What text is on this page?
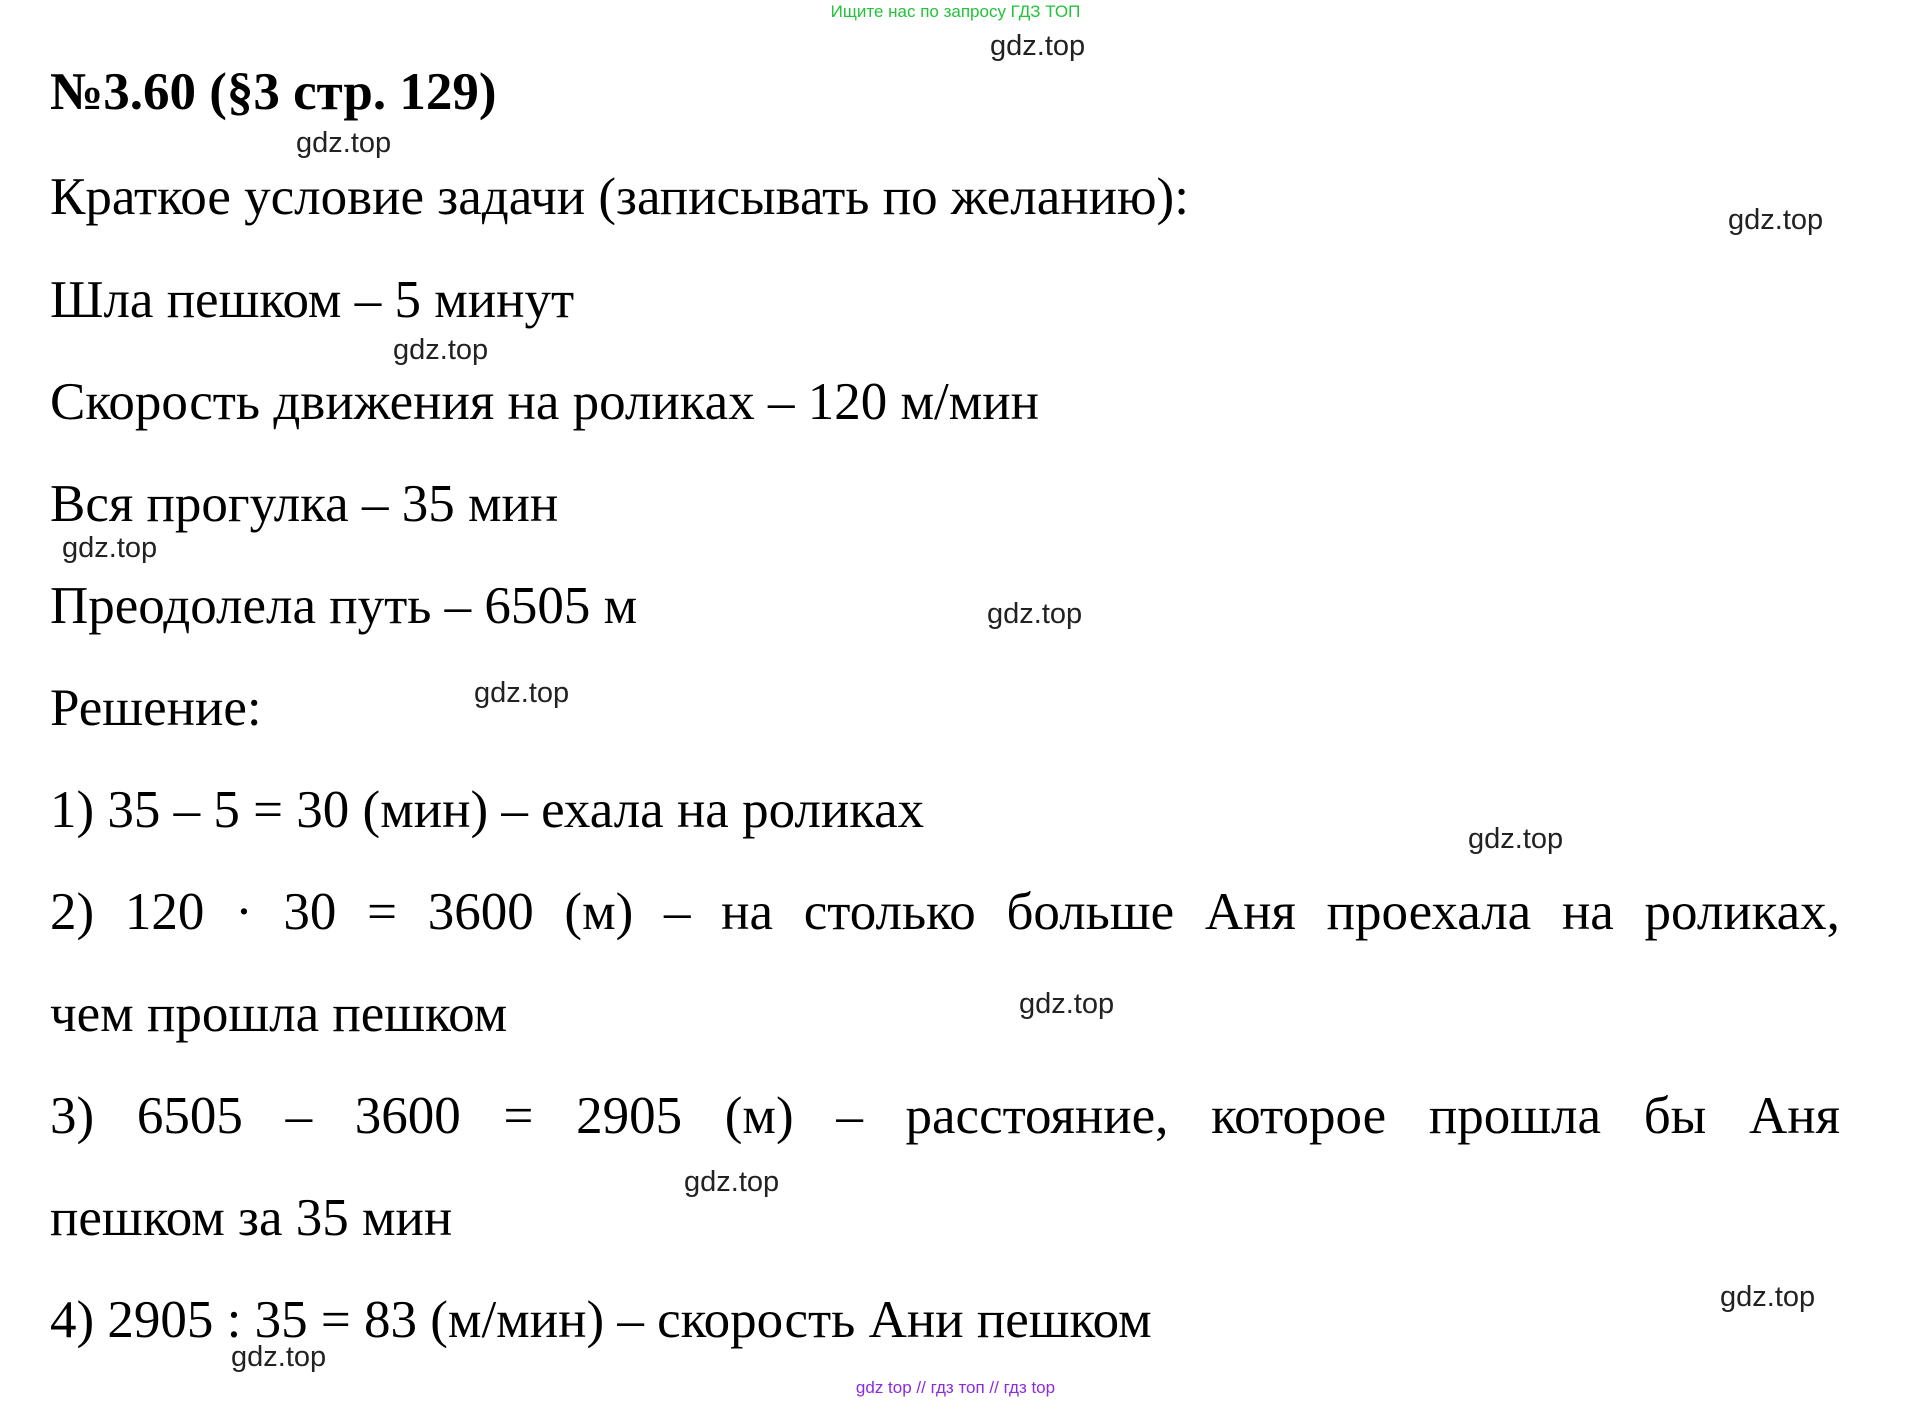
Ищите нас по запросу ГДЗ ТОП
№3.60 (§3 стр. 129)
Краткое условие задачи (записывать по желанию):
Шла пешком – 5 минут
Скорость движения на роликах – 120 м/мин
Вся прогулка – 35 мин
Преодолела путь – 6505 м
Решение:
1) 35 – 5 = 30 (мин) – ехала на роликах
2) 120 · 30 = 3600 (м) – на столько больше Аня проехала на роликах,
чем прошла пешком
3) 6505 – 3600 = 2905 (м) – расстояние, которое прошла бы Аня
пешком за 35 мин
4) 2905 : 35 = 83 (м/мин) – скорость Ани пешком
gdz.top
gdz.top
gdz.top
gdz.top
gdz.top
gdz.top
gdz.top
gdz.top
gdz.top
gdz.top
gdz.top
gdz.top
gdz top // гдз топ // гдз top
